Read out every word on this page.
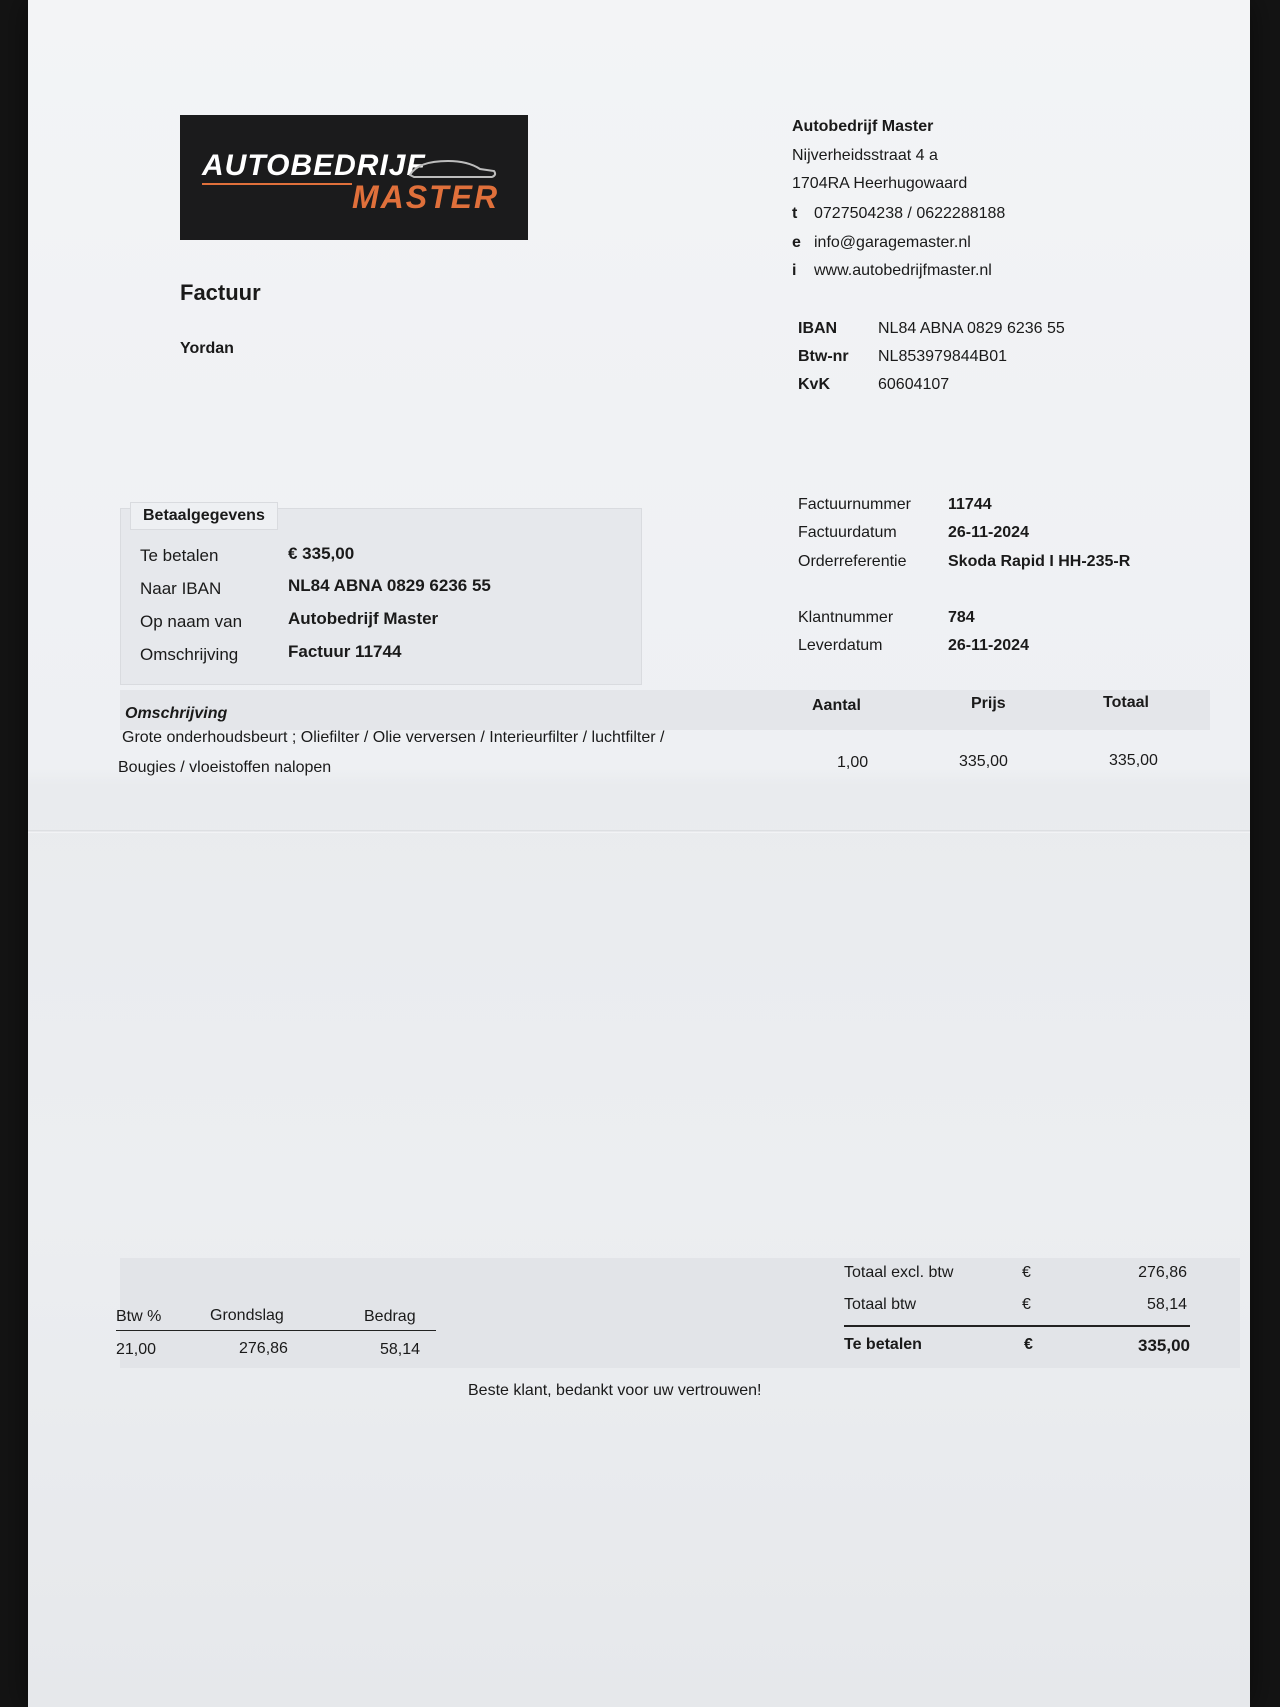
AUTOBEDRIJF
MASTER
Autobedrijf Master
Nijverheidsstraat 4 a
1704RA Heerhugowaard
t 0727504238 / 0622288188
e info@garagemaster.nl
i www.autobedrijfmaster.nl
IBAN	NL84 ABNA 0829 6236 55
Btw-nr NL853979844B01
KvK	60604107
Factuur
Yordan
Factuurnummer 11744
Factuurdatum	26-11-2024
Orderreferentie	Skoda Rapid I HH-235-R
Klantnummer	784
Leverdatum	26-11-2024
Betaalgegevens
Te betalen	€ 335,00
Naar IBAN	NL84 ABNA 0829 6236 55
Op naam van	Autobedrijf Master
Omschrijving	Factuur 11744
Omschrijving	Aantal	Prijs	Totaal
Grote onderhoudsbeurt ; Oliefilter / Olie verversen / Interieurfilter / luchtfilter /
Bougies / vloeistoffen nalopen	1,00	335,00	335,00
Btw %	Grondslag	Bedrag
21,00	276,86	58,14
Totaal excl. btw	€	276,86
Totaal btw	€	58,14
Te betalen	€	335,00
Beste klant, bedankt voor uw vertrouwen!
